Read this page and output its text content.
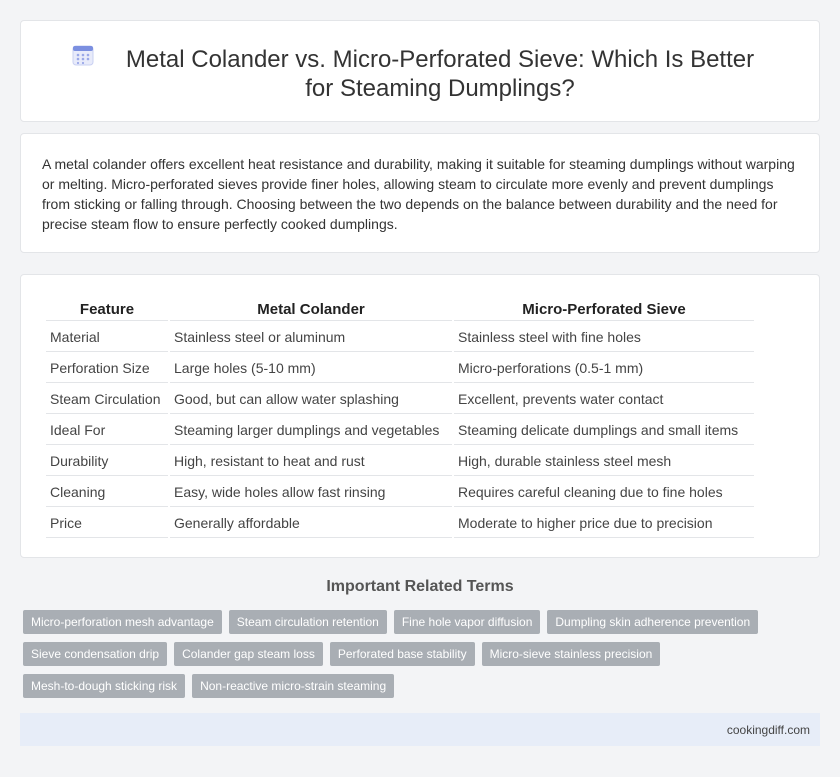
Metal Colander vs. Micro-Perforated Sieve: Which Is Better for Steaming Dumplings?

A metal colander offers excellent heat resistance and durability, making it suitable for steaming dumplings without warping or melting. Micro-perforated sieves provide finer holes, allowing steam to circulate more evenly and prevent dumplings from sticking or falling through. Choosing between the two depends on the balance between durability and the need for precise steam flow to ensure perfectly cooked dumplings.

Feature	Metal Colander	Micro-Perforated Sieve
Material	Stainless steel or aluminum	Stainless steel with fine holes
Perforation Size	Large holes (5-10 mm)	Micro-perforations (0.5-1 mm)
Steam Circulation	Good, but can allow water splashing	Excellent, prevents water contact
Ideal For	Steaming larger dumplings and vegetables	Steaming delicate dumplings and small items
Durability	High, resistant to heat and rust	High, durable stainless steel mesh
Cleaning	Easy, wide holes allow fast rinsing	Requires careful cleaning due to fine holes
Price	Generally affordable	Moderate to higher price due to precision
Important Related Terms
Micro-perforation mesh advantage	Steam circulation retention	Fine hole vapor diffusion	Dumpling skin adherence prevention
Sieve condensation drip	Colander gap steam loss	Perforated base stability	Micro-sieve stainless precision
Mesh-to-dough sticking risk	Non-reactive micro-strain steaming
cookingdiff.com
